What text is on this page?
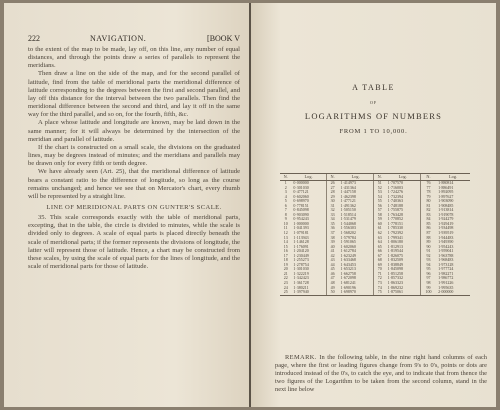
222	NAVIGATION.	[BOOK V

to the extent of the map to be made, lay off, on this line, any number of equal distances, and through the points draw a series of parallels to represent the meridians.

Then draw a line on the side of the map, and for the second parallel of latitude, find from the table of meridional parts the meridional difference of latitude corresponding to the degrees between the first and second parallel, and lay off this distance for the interval between the two parallels. Then find the meridional difference between the second and third, and lay it off in the same way for the third parallel, and so on, for the fourth, fifth, &c.

A place whose latitude and longitude are known, may be laid down in the same manner; for it will always be determined by the intersection of the meridian and parallel of latitude.

If the chart is constructed on a small scale, the divisions on the graduated lines, may be degrees instead of minutes; and the meridians and parallels may be drawn only for every fifth or tenth degree.

We have already seen (Art. 25), that the meridional difference of latitude bears a constant ratio to the difference of longitude, so long as the course remains unchanged; and hence we see that on Mercator's chart, every rhumb will be represented by a straight line.

LINE OF MERIDIONAL PARTS ON GUNTER'S SCALE.

35. This scale corresponds exactly with the table of meridional parts, excepting, that in the table, the circle is divided to minutes, while the scale is divided only to degrees. A scale of equal parts is placed directly beneath the scale of meridional parts; if the former represents the divisions of longitude, the latter will represent those of latitude. Hence, a chart may be constructed from these scales, by using the scale of equal parts for the lines of longitude, and the scale of meridional parts for those of latitude.

A TABLE
OF
LOGARITHMS OF NUMBERS
FROM 1 TO 10,000.
N.	Log.	N.	Log.	N.	Log.	N.	Log.
1	0·000000	26	1·414973	51	1·707570	76	1·880814
2	0·301030	27	1·431364	52	1·716003	77	1·886491
3	0·477121	28	1·447158	53	1·724276	78	1·892095
4	0·602060	29	1·462398	54	1·732394	79	1·897627
5	0·698970	30	1·477121	55	1·740363	80	1·903090
6	0·778151	31	1·491362	56	1·748188	81	1·908485
7	0·845098	32	1·505150	57	1·755875	82	1·913814
8	0·903090	33	1·518514	58	1·763428	83	1·919078
9	0·954243	34	1·531479	59	1·770852	84	1·924279
10	1·000000	35	1·544068	60	1·778151	85	1·929419
11	1·041393	36	1·556303	61	1·785330	86	1·934498
12	1·079181	37	1·568202	62	1·792392	87	1·939519
13	1·113943	38	1·579784	63	1·799341	88	1·944483
14	1·146128	39	1·591065	64	1·806180	89	1·949390
15	1·176091	40	1·602060	65	1·812913	90	1·954243
16	1·204120	41	1·612784	66	1·819544	91	1·959041
17	1·230449	42	1·623249	67	1·826075	92	1·963788
18	1·255273	43	1·633468	68	1·832509	93	1·968483
19	1·278754	44	1·643453	69	1·838849	94	1·973128
20	1·301030	45	1·653213	70	1·845098	95	1·977724
21	1·322219	46	1·662758	71	1·851258	96	1·982271
22	1·342423	47	1·672098	72	1·857332	97	1·986772
23	1·361728	48	1·681241	73	1·863323	98	1·991226
24	1·380211	49	1·690196	74	1·869232	99	1·995635
25	1·397940	50	1·698970	75	1·875061	100	2·000000

REMARK. In the following table, in the nine right hand columns of each page, where the first or leading figures change from 9's to 0's, points or dots are introduced instead of the 0's, to catch the eye, and to indicate that from thence the two figures of the Logarithm to be taken from the second column, stand in the next line below
